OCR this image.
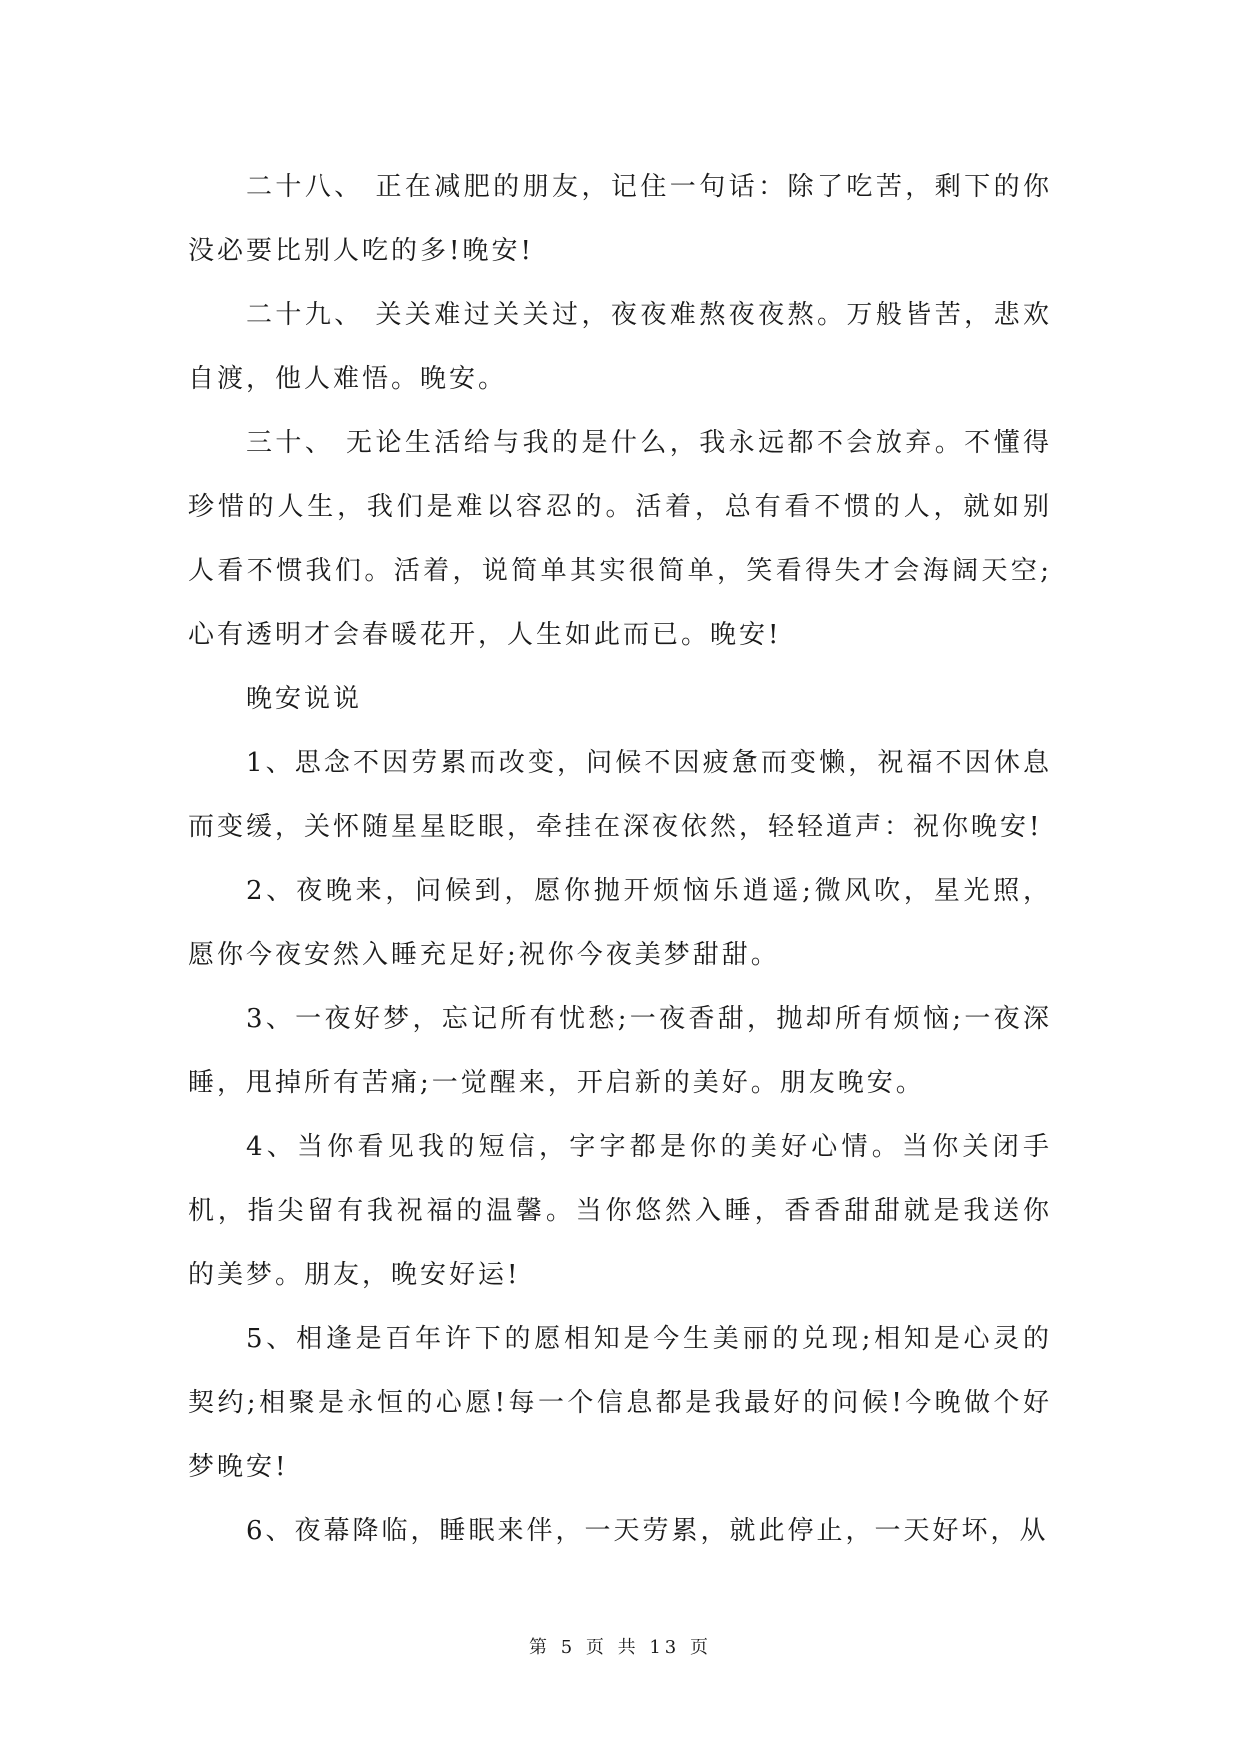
二十八、 正在减肥的朋友，记住一句话：除了吃苦，剩下的你没必要比别人吃的多!晚安!

二十九、 关关难过关关过，夜夜难熬夜夜熬。万般皆苦，悲欢自渡，他人难悟。晚安。

三十、 无论生活给与我的是什么，我永远都不会放弃。不懂得珍惜的人生，我们是难以容忍的。活着，总有看不惯的人，就如别人看不惯我们。活着，说简单其实很简单，笑看得失才会海阔天空;心有透明才会春暖花开，人生如此而已。晚安!

晚安说说

1、思念不因劳累而改变，问候不因疲惫而变懒，祝福不因休息而变缓，关怀随星星眨眼，牵挂在深夜依然，轻轻道声：祝你晚安!

2、夜晚来，问候到，愿你抛开烦恼乐逍遥;微风吹，星光照，愿你今夜安然入睡充足好;祝你今夜美梦甜甜。

3、一夜好梦，忘记所有忧愁;一夜香甜，抛却所有烦恼;一夜深睡，甩掉所有苦痛;一觉醒来，开启新的美好。朋友晚安。

4、当你看见我的短信，字字都是你的美好心情。当你关闭手机，指尖留有我祝福的温馨。当你悠然入睡，香香甜甜就是我送你的美梦。朋友，晚安好运!

5、相逢是百年许下的愿相知是今生美丽的兑现;相知是心灵的契约;相聚是永恒的心愿!每一个信息都是我最好的问候!今晚做个好梦晚安!

6、夜幕降临，睡眠来伴，一天劳累，就此停止，一天好坏，从

第 5 页 共 13 页
